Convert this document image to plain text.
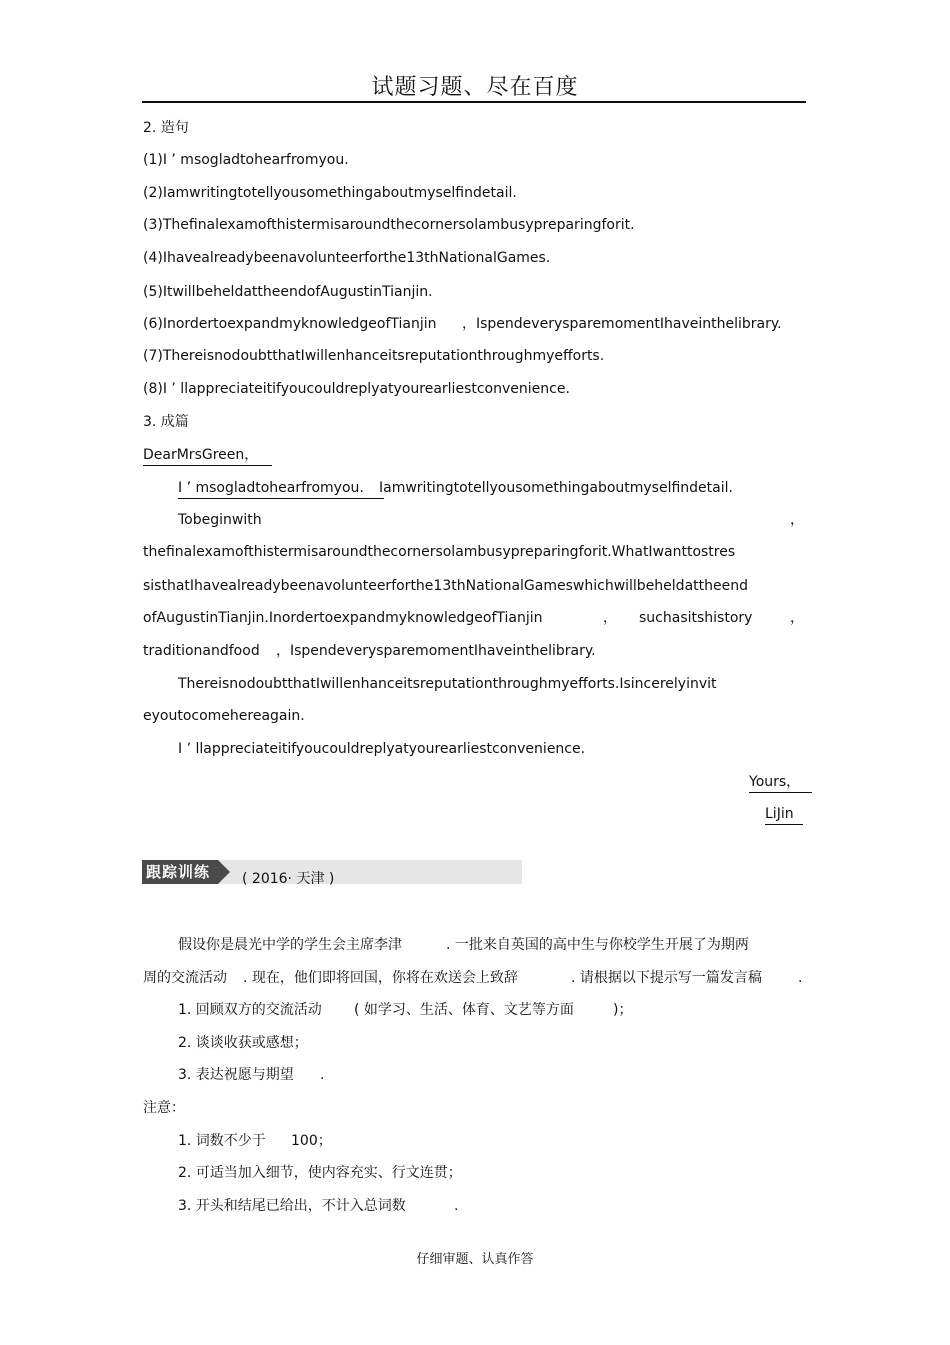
试题习题、尽在百度
2. 造句
(1)I ’ msogladtohearfromyou.
(2)Iamwritingtotellyousomethingaboutmyselfindetail.
(3)Thefinalexamofthistermisaroundthecornersolambusypreparingforit.
(4)Ihavealreadybeenavolunteerforthe13thNationalGames.
(5)ItwillbeheldattheendofAugustinTianjin.
(6)InordertoexpandmyknowledgeofTianjin ，IspendeverysparemomentIhaveinthelibrary.
(7)ThereisnodoubtthatIwillenhanceitsreputationthroughmyefforts.
(8)I ’ llappreciateitifyoucouldreplyatyourearliestconvenience.
3. 成篇
DearMrsGreen，
I ’ msogladtohearfromyou.	Iamwritingtotellyousomethingaboutmyselfindetail.
Tobeginwith	，
thefinalexamofthistermisaroundthecornersolambusypreparingforit.WhatIwanttostres
sisthatIhavealreadybeenavolunteerforthe13thNationalGameswhichwillbeheldattheend
ofAugustinTianjin.InordertoexpandmyknowledgeofTianjin	， suchasitshistory	，
traditionandfood ，IspendeverysparemomentIhaveinthelibrary.
ThereisnodoubtthatIwillenhanceitsreputationthroughmyefforts.Isincerelyinvit
eyoutocomehereagain.
I ’ llappreciateitifyoucouldreplyatyourearliestconvenience.
Yours，
LiJin
跟踪训练 ( 2016· 天津 )
假设你是晨光中学的学生会主席李津	. 一批来自英国的高中生与你校学生开展了为期两
周的交流活动 . 现在，他们即将回国，你将在欢送会上致辞	. 请根据以下提示写一篇发言稿	.
1. 回顾双方的交流活动 ( 如学习、生活、体育、文艺等方面	)；
2. 谈谈收获或感想；
3. 表达祝愿与期望 .
注意：
1. 词数不少于 100；
2. 可适当加入细节，使内容充实、行文连贯；
3. 开头和结尾已给出，不计入总词数	.
仔细审题、认真作答
